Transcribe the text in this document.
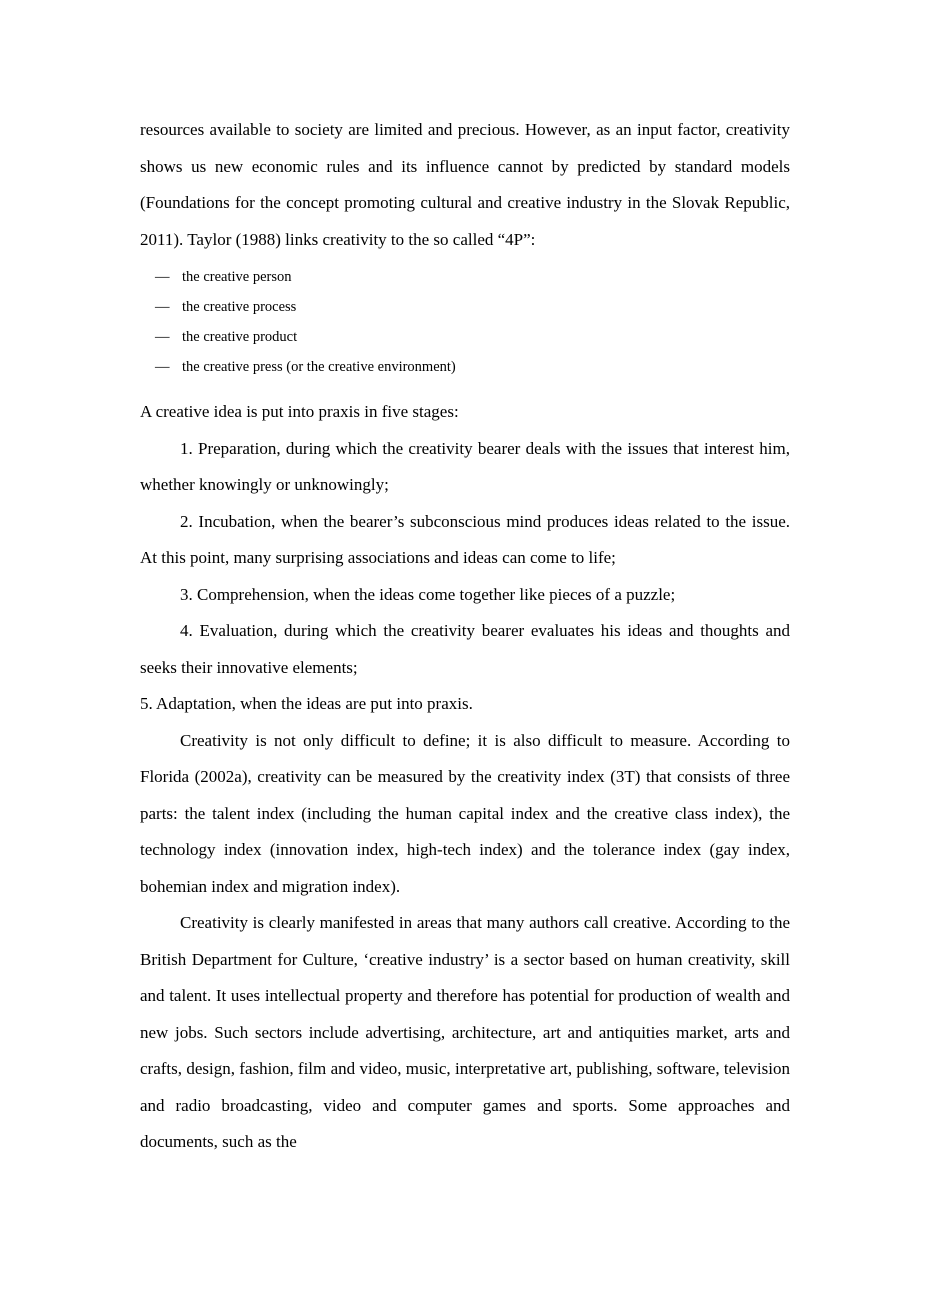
resources available to society are limited and precious. However, as an input factor, creativity shows us new economic rules and its influence cannot by predicted by standard models (Foundations for the concept promoting cultural and creative industry in the Slovak Republic, 2011). Taylor (1988) links creativity to the so called “4P”:

— the creative person
— the creative process
— the creative product
— the creative press (or the creative environment)

A creative idea is put into praxis in five stages:

1. Preparation, during which the creativity bearer deals with the issues that interest him, whether knowingly or unknowingly;

2. Incubation, when the bearer’s subconscious mind produces ideas related to the issue. At this point, many surprising associations and ideas can come to life;

3. Comprehension, when the ideas come together like pieces of a puzzle;

4. Evaluation, during which the creativity bearer evaluates his ideas and thoughts and seeks their innovative elements;

5. Adaptation, when the ideas are put into praxis.

Creativity is not only difficult to define; it is also difficult to measure. According to Florida (2002a), creativity can be measured by the creativity index (3T) that consists of three parts: the talent index (including the human capital index and the creative class index), the technology index (innovation index, high-tech index) and the tolerance index (gay index, bohemian index and migration index).

Creativity is clearly manifested in areas that many authors call creative. According to the British Department for Culture, ‘creative industry’ is a sector based on human creativity, skill and talent. It uses intellectual property and therefore has potential for production of wealth and new jobs. Such sectors include advertising, architecture, art and antiquities market, arts and crafts, design, fashion, film and video, music, interpretative art, publishing, software, television and radio broadcasting, video and computer games and sports. Some approaches and documents, such as the
